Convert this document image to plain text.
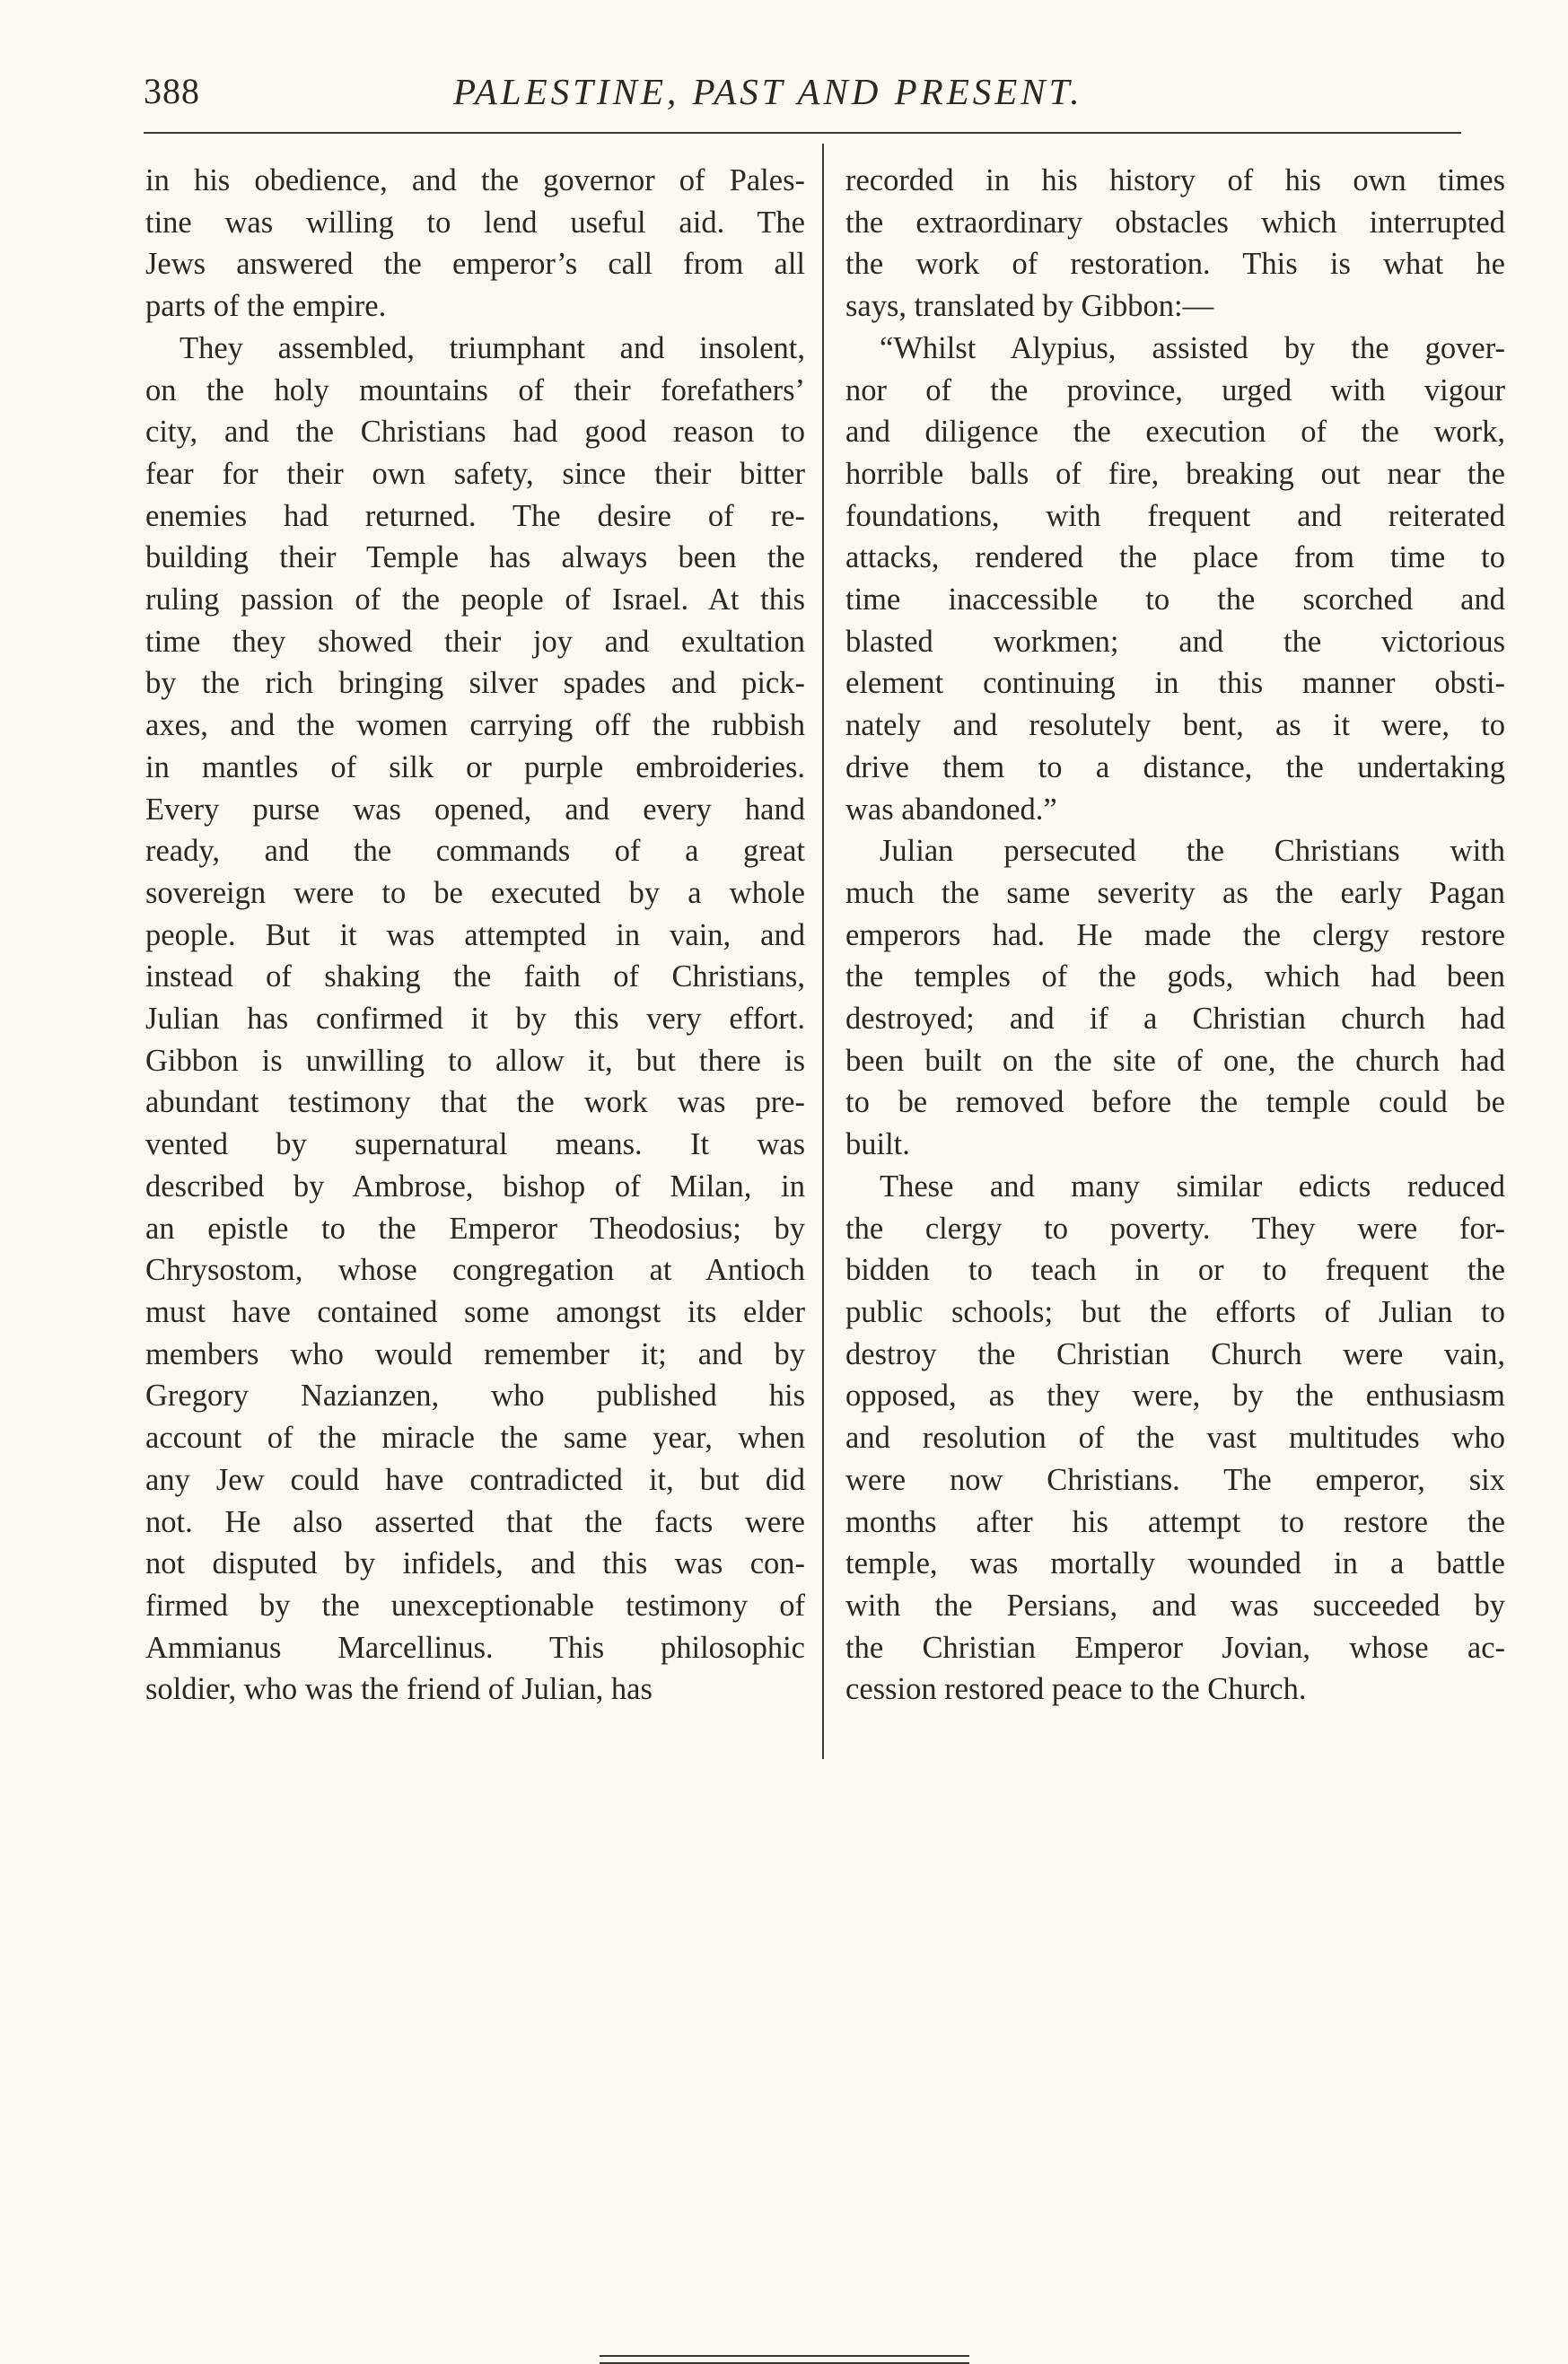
388	PALESTINE, PAST AND PRESENT.

in his obedience, and the governor of Pales-
tine was willing to lend useful aid. The
Jews answered the emperor’s call from all
parts of the empire.

They assembled, triumphant and insolent,
on the holy mountains of their forefathers’
city, and the Christians had good reason to
fear for their own safety, since their bitter
enemies had returned. The desire of re-
building their Temple has always been the
ruling passion of the people of Israel. At this
time they showed their joy and exultation
by the rich bringing silver spades and pick-
axes, and the women carrying off the rubbish
in mantles of silk or purple embroideries.
Every purse was opened, and every hand
ready, and the commands of a great
sovereign were to be executed by a whole
people. But it was attempted in vain, and
instead of shaking the faith of Christians,
Julian has confirmed it by this very effort.
Gibbon is unwilling to allow it, but there is
abundant testimony that the work was pre-
vented by supernatural means. It was
described by Ambrose, bishop of Milan, in
an epistle to the Emperor Theodosius; by
Chrysostom, whose congregation at Antioch
must have contained some amongst its elder
members who would remember it; and by
Gregory Nazianzen, who published his
account of the miracle the same year, when
any Jew could have contradicted it, but did
not. He also asserted that the facts were
not disputed by infidels, and this was con-
firmed by the unexceptionable testimony of
Ammianus Marcellinus. This philosophic
soldier, who was the friend of Julian, has

recorded in his history of his own times
the extraordinary obstacles which interrupted
the work of restoration. This is what he
says, translated by Gibbon:—

“Whilst Alypius, assisted by the gover-
nor of the province, urged with vigour
and diligence the execution of the work,
horrible balls of fire, breaking out near the
foundations, with frequent and reiterated
attacks, rendered the place from time to
time inaccessible to the scorched and
blasted workmen; and the victorious
element continuing in this manner obsti-
nately and resolutely bent, as it were, to
drive them to a distance, the undertaking
was abandoned.”

Julian persecuted the Christians with
much the same severity as the early Pagan
emperors had. He made the clergy restore
the temples of the gods, which had been
destroyed; and if a Christian church had
been built on the site of one, the church had
to be removed before the temple could be
built.

These and many similar edicts reduced
the clergy to poverty. They were for-
bidden to teach in or to frequent the
public schools; but the efforts of Julian to
destroy the Christian Church were vain,
opposed, as they were, by the enthusiasm
and resolution of the vast multitudes who
were now Christians. The emperor, six
months after his attempt to restore the
temple, was mortally wounded in a battle
with the Persians, and was succeeded by
the Christian Emperor Jovian, whose ac-
cession restored peace to the Church.
